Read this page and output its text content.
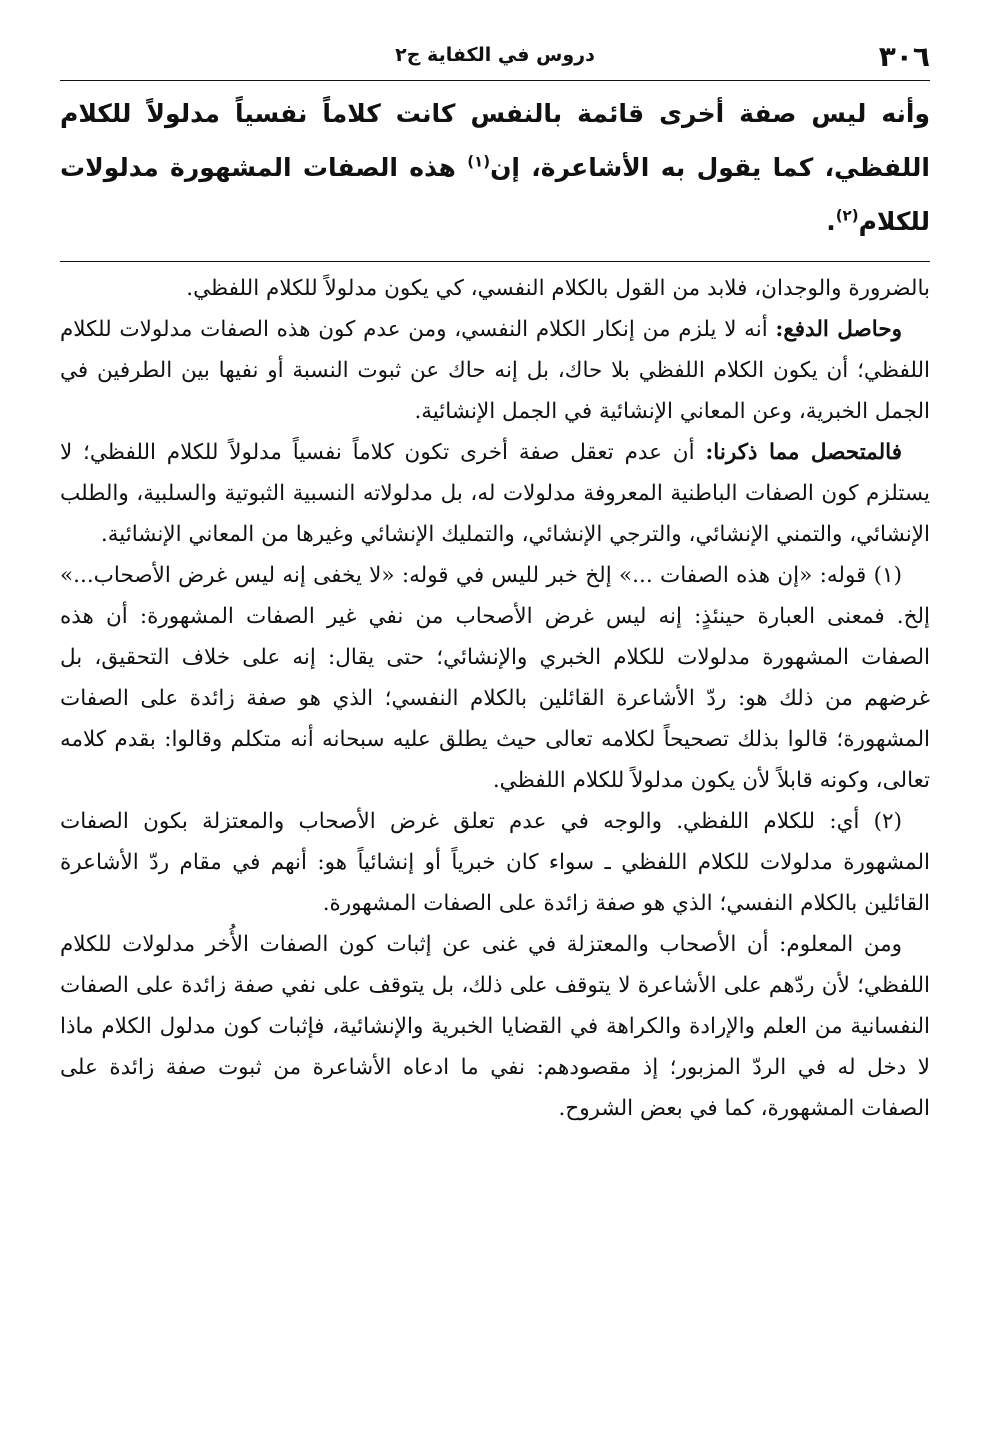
٣٠٦
دروس في الكفاية ج٢
وأنه ليس صفة أخرى قائمة بالنفس كانت كلاماً نفسياً مدلولاً للكلام اللفظي، كما يقول به الأشاعرة، إن$^{(١)}$ هذه الصفات المشهورة مدلولات للكلام$^{(٢)}$.

بالضرورة والوجدان، فلابد من القول بالكلام النفسي، كي يكون مدلولاً للكلام اللفظي.

وحاصل الدفع: أنه لا يلزم من إنكار الكلام النفسي، ومن عدم كون هذه الصفات مدلولات للكلام اللفظي؛ أن يكون الكلام اللفظي بلا حاك، بل إنه حاك عن ثبوت النسبة أو نفيها بين الطرفين في الجمل الخبرية، وعن المعاني الإنشائية في الجمل الإنشائية.

فالمتحصل مما ذكرنا: أن عدم تعقل صفة أخرى تكون كلاماً نفسياً مدلولاً للكلام اللفظي؛ لا يستلزم كون الصفات الباطنية المعروفة مدلولات له، بل مدلولاته النسبية الثبوتية والسلبية، والطلب الإنشائي، والتمني الإنشائي، والترجي الإنشائي، والتمليك الإنشائي وغيرها من المعاني الإنشائية.

(١) قوله: «إن هذه الصفات ...» إلخ خبر لليس في قوله: «لا يخفى إنه ليس غرض الأصحاب...» إلخ. فمعنى العبارة حينئذٍ: إنه ليس غرض الأصحاب من نفي غير الصفات المشهورة: أن هذه الصفات المشهورة مدلولات للكلام الخبري والإنشائي؛ حتى يقال: إنه على خلاف التحقيق، بل غرضهم من ذلك هو: ردّ الأشاعرة القائلين بالكلام النفسي؛ الذي هو صفة زائدة على الصفات المشهورة؛ قالوا بذلك تصحيحاً لكلامه تعالى حيث يطلق عليه سبحانه أنه متكلم وقالوا: بقدم كلامه تعالى، وكونه قابلاً لأن يكون مدلولاً للكلام اللفظي.

(٢) أي: للكلام اللفظي. والوجه في عدم تعلق غرض الأصحاب والمعتزلة بكون الصفات المشهورة مدلولات للكلام اللفظي ـ سواء كان خبرياً أو إنشائياً هو: أنهم في مقام ردّ الأشاعرة القائلين بالكلام النفسي؛ الذي هو صفة زائدة على الصفات المشهورة.

ومن المعلوم: أن الأصحاب والمعتزلة في غنى عن إثبات كون الصفات الأُخر مدلولات للكلام اللفظي؛ لأن ردّهم على الأشاعرة لا يتوقف على ذلك، بل يتوقف على نفي صفة زائدة على الصفات النفسانية من العلم والإرادة والكراهة في القضايا الخبرية والإنشائية، فإثبات كون مدلول الكلام ماذا لا دخل له في الردّ المزبور؛ إذ مقصودهم: نفي ما ادعاه الأشاعرة من ثبوت صفة زائدة على الصفات المشهورة، كما في بعض الشروح.
